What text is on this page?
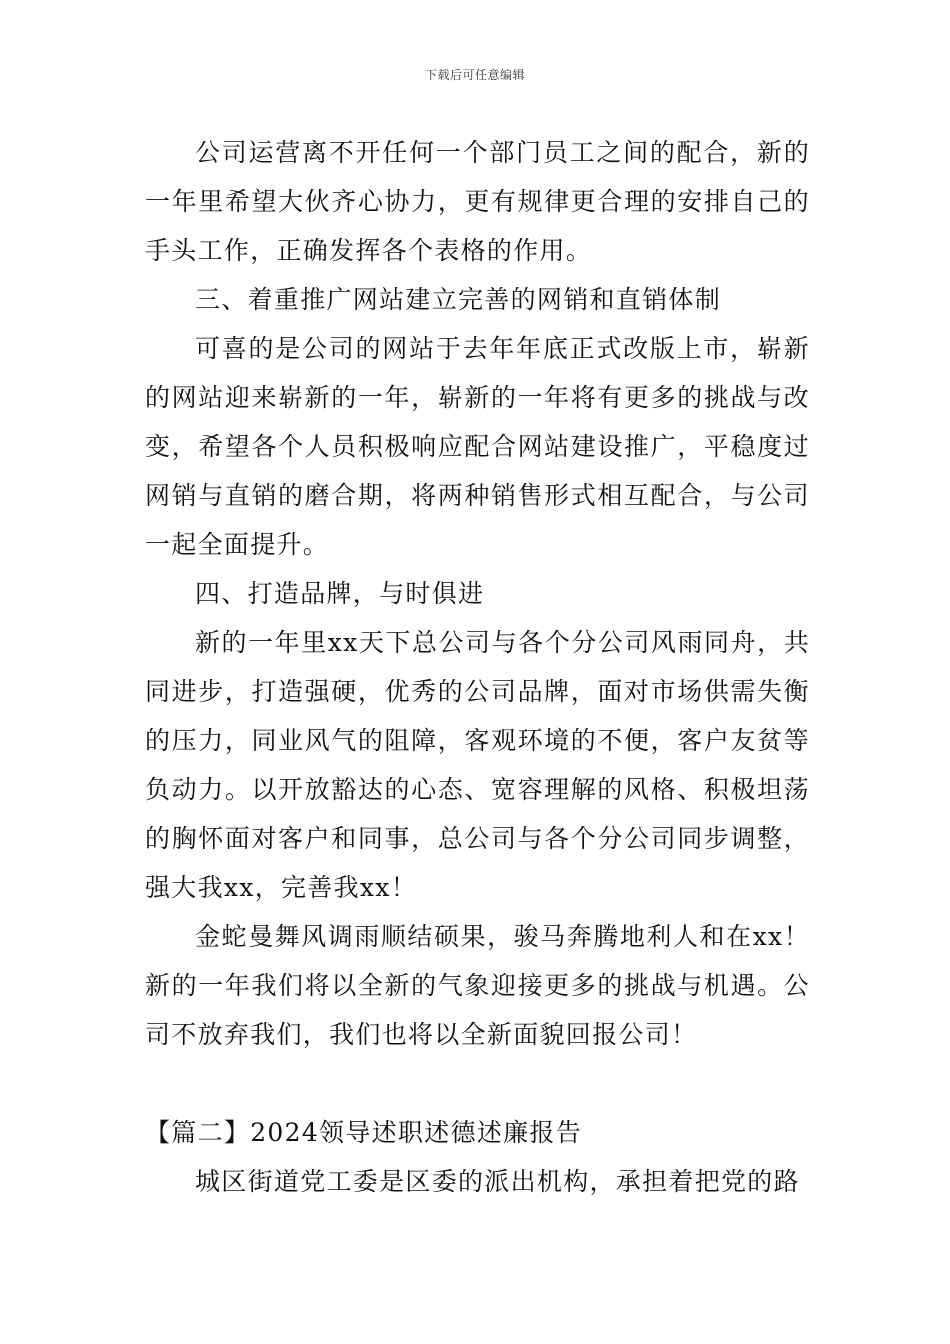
下载后可任意编辑

公司运营离不开任何一个部门员工之间的配合，新的一年里希望大伙齐心协力，更有规律更合理的安排自己的手头工作，正确发挥各个表格的作用。

三、着重推广网站建立完善的网销和直销体制

可喜的是公司的网站于去年年底正式改版上市，崭新的网站迎来崭新的一年，崭新的一年将有更多的挑战与改变，希望各个人员积极响应配合网站建设推广，平稳度过网销与直销的磨合期，将两种销售形式相互配合，与公司一起全面提升。

四、打造品牌，与时俱进

新的一年里xx天下总公司与各个分公司风雨同舟，共同进步，打造强硬，优秀的公司品牌，面对市场供需失衡的压力，同业风气的阻障，客观环境的不便，客户友贫等负动力。以开放豁达的心态、宽容理解的风格、积极坦荡的胸怀面对客户和同事，总公司与各个分公司同步调整，强大我xx，完善我xx！

金蛇曼舞风调雨顺结硕果，骏马奔腾地利人和在xx！新的一年我们将以全新的气象迎接更多的挑战与机遇。公司不放弃我们，我们也将以全新面貌回报公司！

【篇二】2024领导述职述德述廉报告

城区街道党工委是区委的派出机构，承担着把党的路
